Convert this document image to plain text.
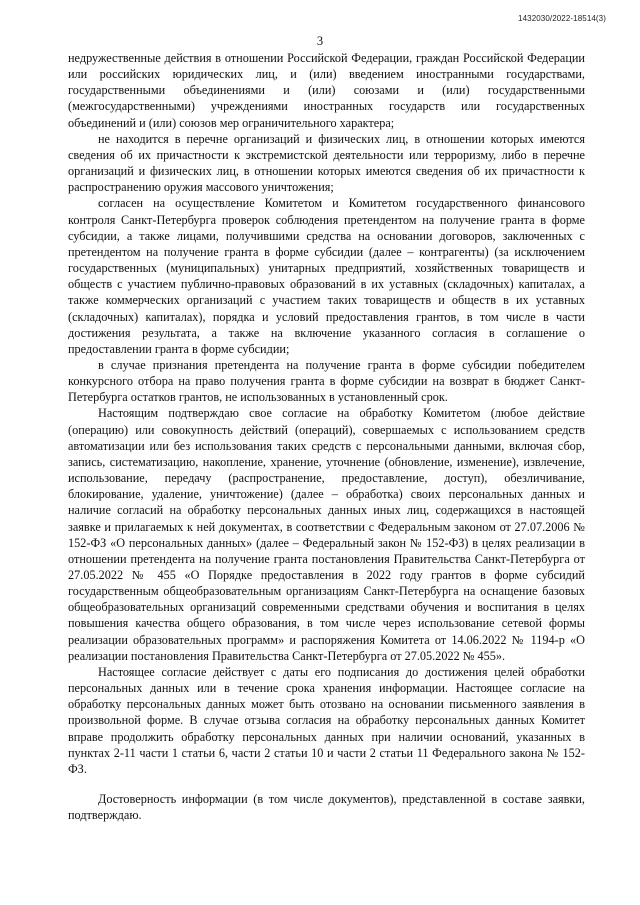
1432030/2022-18514(3)
3

недружественные действия в отношении Российской Федерации, граждан Российской Федерации или российских юридических лиц, и (или) введением иностранными государствами, государственными объединениями и (или) союзами и (или) государственными (межгосударственными) учреждениями иностранных государств или государственных объединений и (или) союзов мер ограничительного характера;

не находится в перечне организаций и физических лиц, в отношении которых имеются сведения об их причастности к экстремистской деятельности или терроризму, либо в перечне организаций и физических лиц, в отношении которых имеются сведения об их причастности к распространению оружия массового уничтожения;

согласен на осуществление Комитетом и Комитетом государственного финансового контроля Санкт-Петербурга проверок соблюдения претендентом на получение гранта в форме субсидии, а также лицами, получившими средства на основании договоров, заключенных с претендентом на получение гранта в форме субсидии (далее – контрагенты) (за исключением государственных (муниципальных) унитарных предприятий, хозяйственных товариществ и обществ с участием публично-правовых образований в их уставных (складочных) капиталах, а также коммерческих организаций с участием таких товариществ и обществ в их уставных (складочных) капиталах), порядка и условий предоставления грантов, в том числе в части достижения результата, а также на включение указанного согласия в соглашение о предоставлении гранта в форме субсидии;

в случае признания претендента на получение гранта в форме субсидии победителем конкурсного отбора на право получения гранта в форме субсидии на возврат в бюджет Санкт-Петербурга остатков грантов, не использованных в установленный срок.

Настоящим подтверждаю свое согласие на обработку Комитетом (любое действие (операцию) или совокупность действий (операций), совершаемых с использованием средств автоматизации или без использования таких средств с персональными данными, включая сбор, запись, систематизацию, накопление, хранение, уточнение (обновление, изменение), извлечение, использование, передачу (распространение, предоставление, доступ), обезличивание, блокирование, удаление, уничтожение) (далее – обработка) своих персональных данных и наличие согласий на обработку персональных данных иных лиц, содержащихся в настоящей заявке и прилагаемых к ней документах, в соответствии с Федеральным законом от 27.07.2006 № 152-ФЗ «О персональных данных» (далее – Федеральный закон № 152-ФЗ) в целях реализации в отношении претендента на получение гранта постановления Правительства Санкт-Петербурга от 27.05.2022 № 455 «О Порядке предоставления в 2022 году грантов в форме субсидий государственным общеобразовательным организациям Санкт-Петербурга на оснащение базовых общеобразовательных организаций современными средствами обучения и воспитания в целях повышения качества общего образования, в том числе через использование сетевой формы реализации образовательных программ» и распоряжения Комитета от 14.06.2022 № 1194-р «О реализации постановления Правительства Санкт-Петербурга от 27.05.2022 № 455».

Настоящее согласие действует с даты его подписания до достижения целей обработки персональных данных или в течение срока хранения информации. Настоящее согласие на обработку персональных данных может быть отозвано на основании письменного заявления в произвольной форме. В случае отзыва согласия на обработку персональных данных Комитет вправе продолжить обработку персональных данных при наличии оснований, указанных в пунктах 2-11 части 1 статьи 6, части 2 статьи 10 и части 2 статьи 11 Федерального закона № 152-ФЗ.

Достоверность информации (в том числе документов), представленной в составе заявки, подтверждаю.
